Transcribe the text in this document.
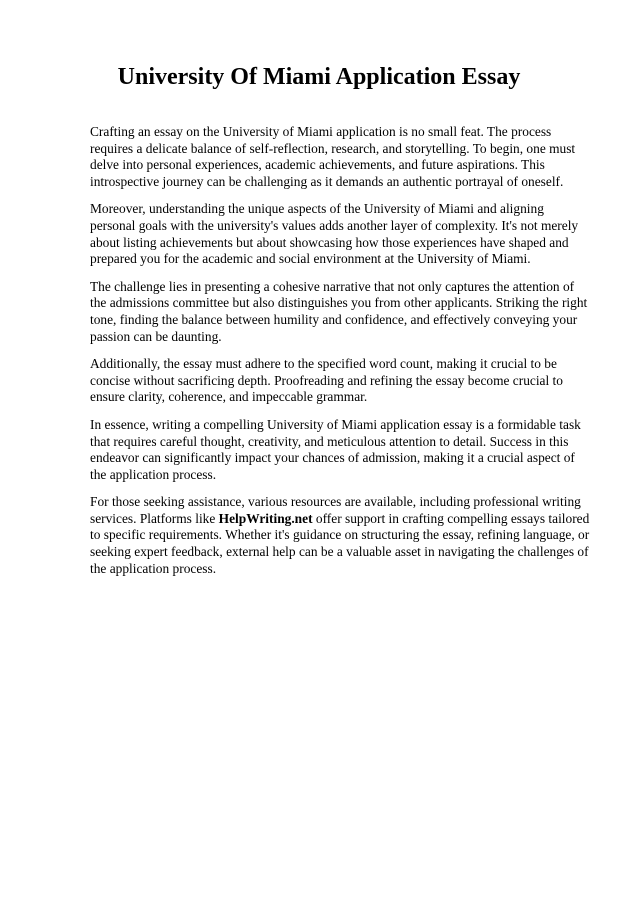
University Of Miami Application Essay

Crafting an essay on the University of Miami application is no small feat. The process requires a delicate balance of self-reflection, research, and storytelling. To begin, one must delve into personal experiences, academic achievements, and future aspirations. This introspective journey can be challenging as it demands an authentic portrayal of oneself.

Moreover, understanding the unique aspects of the University of Miami and aligning personal goals with the university's values adds another layer of complexity. It's not merely about listing achievements but about showcasing how those experiences have shaped and prepared you for the academic and social environment at the University of Miami.

The challenge lies in presenting a cohesive narrative that not only captures the attention of the admissions committee but also distinguishes you from other applicants. Striking the right tone, finding the balance between humility and confidence, and effectively conveying your passion can be daunting.

Additionally, the essay must adhere to the specified word count, making it crucial to be concise without sacrificing depth. Proofreading and refining the essay become crucial to ensure clarity, coherence, and impeccable grammar.

In essence, writing a compelling University of Miami application essay is a formidable task that requires careful thought, creativity, and meticulous attention to detail. Success in this endeavor can significantly impact your chances of admission, making it a crucial aspect of the application process.

For those seeking assistance, various resources are available, including professional writing services. Platforms like HelpWriting.net offer support in crafting compelling essays tailored to specific requirements. Whether it's guidance on structuring the essay, refining language, or seeking expert feedback, external help can be a valuable asset in navigating the challenges of the application process.
